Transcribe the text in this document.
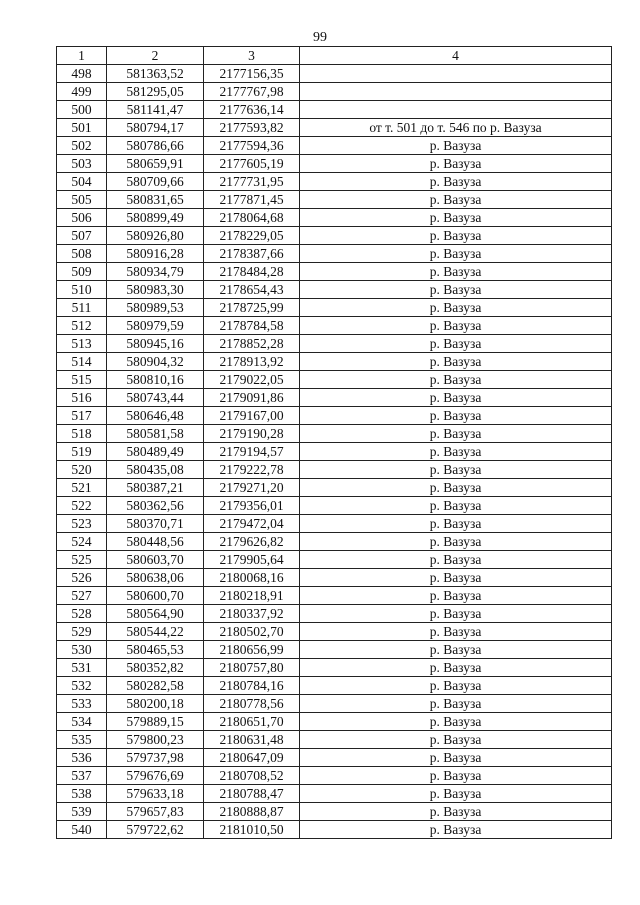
99
1	2	3	4
498	581363,52	2177156,35	
499	581295,05	2177767,98	
500	581141,47	2177636,14	
501	580794,17	2177593,82	от т. 501 до т. 546 по р. Вазуза
502	580786,66	2177594,36	р. Вазуза
503	580659,91	2177605,19	р. Вазуза
504	580709,66	2177731,95	р. Вазуза
505	580831,65	2177871,45	р. Вазуза
506	580899,49	2178064,68	р. Вазуза
507	580926,80	2178229,05	р. Вазуза
508	580916,28	2178387,66	р. Вазуза
509	580934,79	2178484,28	р. Вазуза
510	580983,30	2178654,43	р. Вазуза
511	580989,53	2178725,99	р. Вазуза
512	580979,59	2178784,58	р. Вазуза
513	580945,16	2178852,28	р. Вазуза
514	580904,32	2178913,92	р. Вазуза
515	580810,16	2179022,05	р. Вазуза
516	580743,44	2179091,86	р. Вазуза
517	580646,48	2179167,00	р. Вазуза
518	580581,58	2179190,28	р. Вазуза
519	580489,49	2179194,57	р. Вазуза
520	580435,08	2179222,78	р. Вазуза
521	580387,21	2179271,20	р. Вазуза
522	580362,56	2179356,01	р. Вазуза
523	580370,71	2179472,04	р. Вазуза
524	580448,56	2179626,82	р. Вазуза
525	580603,70	2179905,64	р. Вазуза
526	580638,06	2180068,16	р. Вазуза
527	580600,70	2180218,91	р. Вазуза
528	580564,90	2180337,92	р. Вазуза
529	580544,22	2180502,70	р. Вазуза
530	580465,53	2180656,99	р. Вазуза
531	580352,82	2180757,80	р. Вазуза
532	580282,58	2180784,16	р. Вазуза
533	580200,18	2180778,56	р. Вазуза
534	579889,15	2180651,70	р. Вазуза
535	579800,23	2180631,48	р. Вазуза
536	579737,98	2180647,09	р. Вазуза
537	579676,69	2180708,52	р. Вазуза
538	579633,18	2180788,47	р. Вазуза
539	579657,83	2180888,87	р. Вазуза
540	579722,62	2181010,50	р. Вазуза
